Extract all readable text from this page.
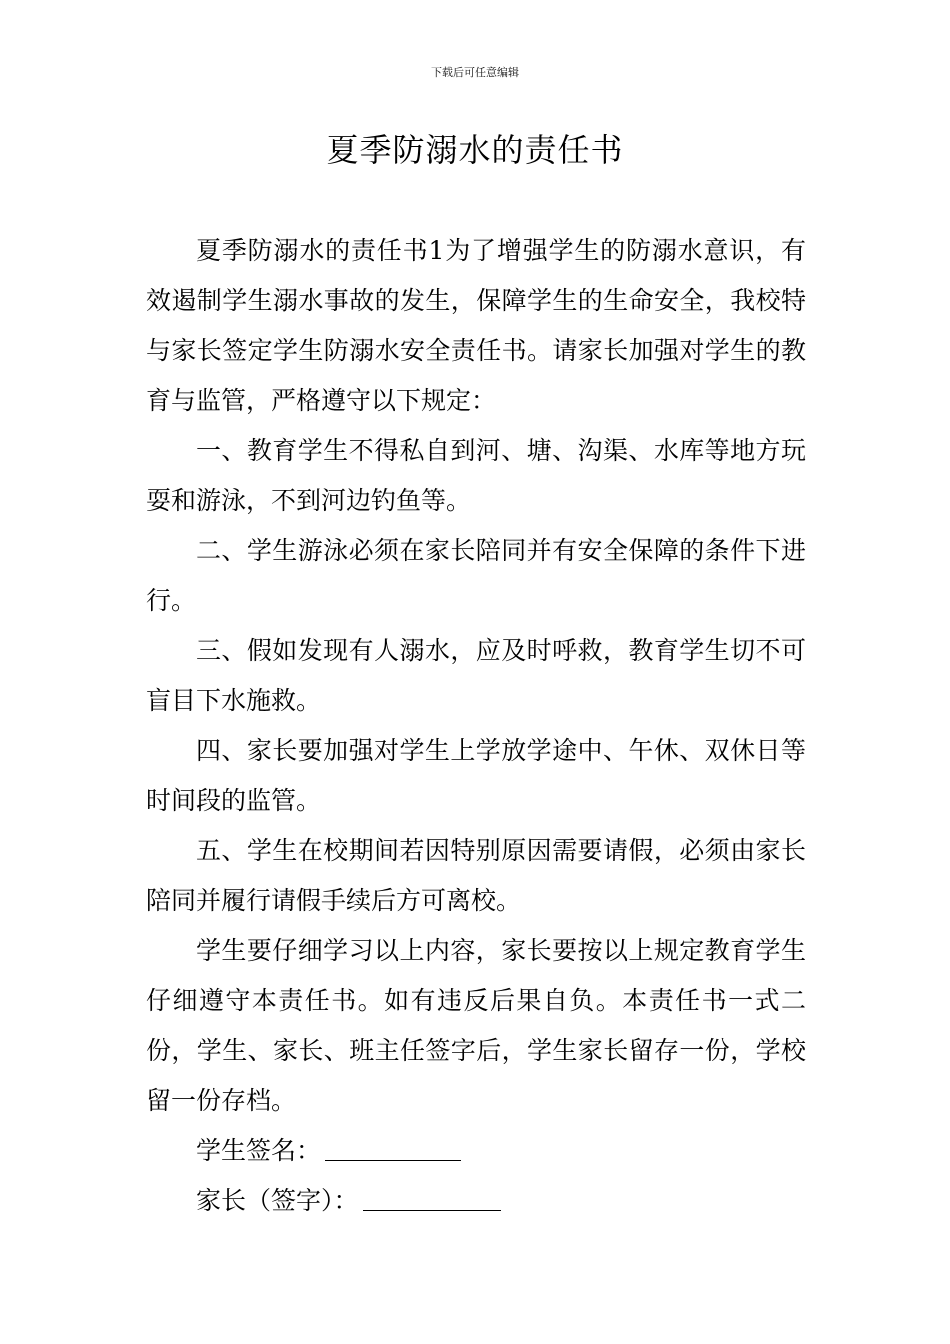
下载后可任意编辑
夏季防溺水的责任书

夏季防溺水的责任书1为了增强学生的防溺水意识，有效遏制学生溺水事故的发生，保障学生的生命安全，我校特与家长签定学生防溺水安全责任书。请家长加强对学生的教育与监管，严格遵守以下规定：

一、教育学生不得私自到河、塘、沟渠、水库等地方玩耍和游泳，不到河边钓鱼等。

二、学生游泳必须在家长陪同并有安全保障的条件下进行。

三、假如发现有人溺水，应及时呼救，教育学生切不可盲目下水施救。

四、家长要加强对学生上学放学途中、午休、双休日等时间段的监管。

五、学生在校期间若因特别原因需要请假，必须由家长陪同并履行请假手续后方可离校。

学生要仔细学习以上内容，家长要按以上规定教育学生仔细遵守本责任书。如有违反后果自负。本责任书一式二份，学生、家长、班主任签字后，学生家长留存一份，学校留一份存档。

学生签名：

家长（签字）：
